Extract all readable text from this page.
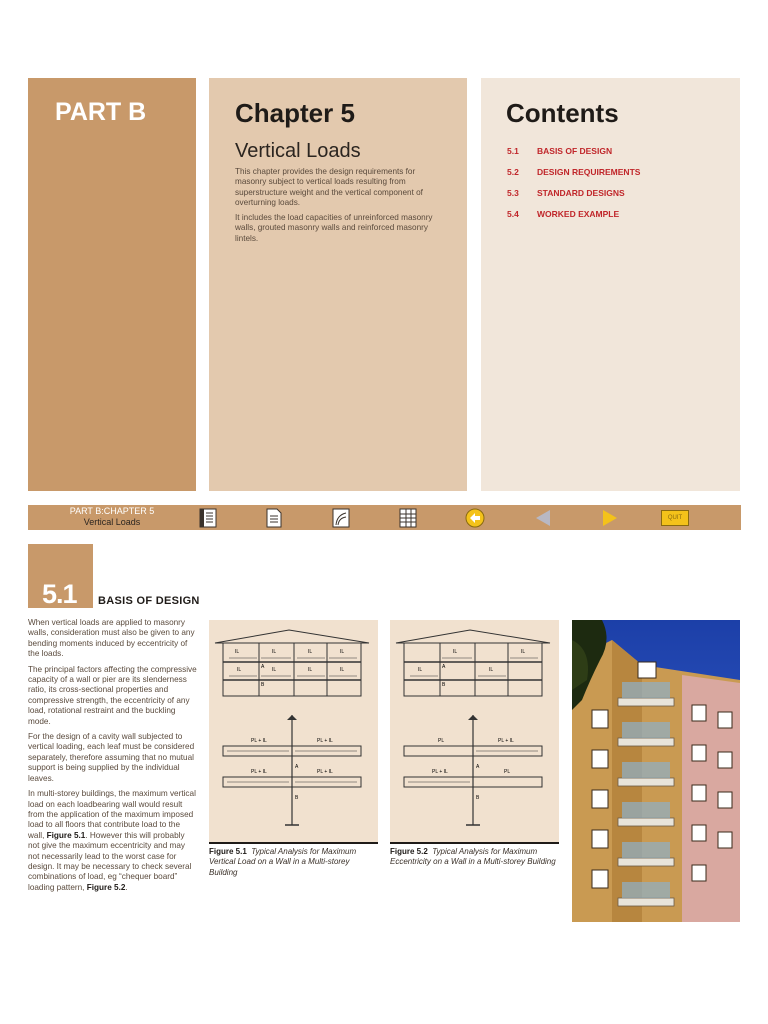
PART B	Chapter 5
Vertical Loads

This chapter provides the design requirements for masonry subject to vertical loads resulting from superstructure weight and the vertical component of overturning loads.

It includes the load capacities of unreinforced masonry walls, grouted masonry walls and reinforced masonry lintels.

Contents
5.1	BASIS OF DESIGN
5.2	DESIGN REQUIREMENTS
5.3	STANDARD DESIGNS
5.4	WORKED EXAMPLE
PART B:CHAPTER 5
Vertical Loads	QUIT
5.1 BASIS OF DESIGN

When vertical loads are applied to masonry walls, consideration must also be given to any bending moments induced by eccentricity of the loads.

The principal factors affecting the compressive capacity of a wall or pier are its slenderness ratio, its cross-sectional properties and compressive strength, the eccentricity of any load, rotational restraint and the buckling mode.

For the design of a cavity wall subjected to vertical loading, each leaf must be considered separately, therefore assuming that no mutual support is being supplied by the individual leaves.

In multi-storey buildings, the maximum vertical load on each loadbearing wall would result from the application of the maximum imposed load to all floors that contribute load to the wall, Figure 5.1. However this will probably not give the maximum eccentricity and may not necessarily lead to the worst case for design. It may be necessary to check several combinations of load, eg “chequer board” loading pattern, Figure 5.2.

IL	IL	IL	IL
IL	IL	IL	IL
A
B
PL + IL	PL + IL
PL + IL	PL + IL
A
B
Figure 5.1 Typical Analysis for Maximum Vertical Load on a Wall in a Multi-storey Building
IL	IL
IL	IL
A
B
PL	PL + IL
PL + IL	PL
A
B
Figure 5.2 Typical Analysis for Maximum Eccentricity on a Wall in a Multi-storey Building
